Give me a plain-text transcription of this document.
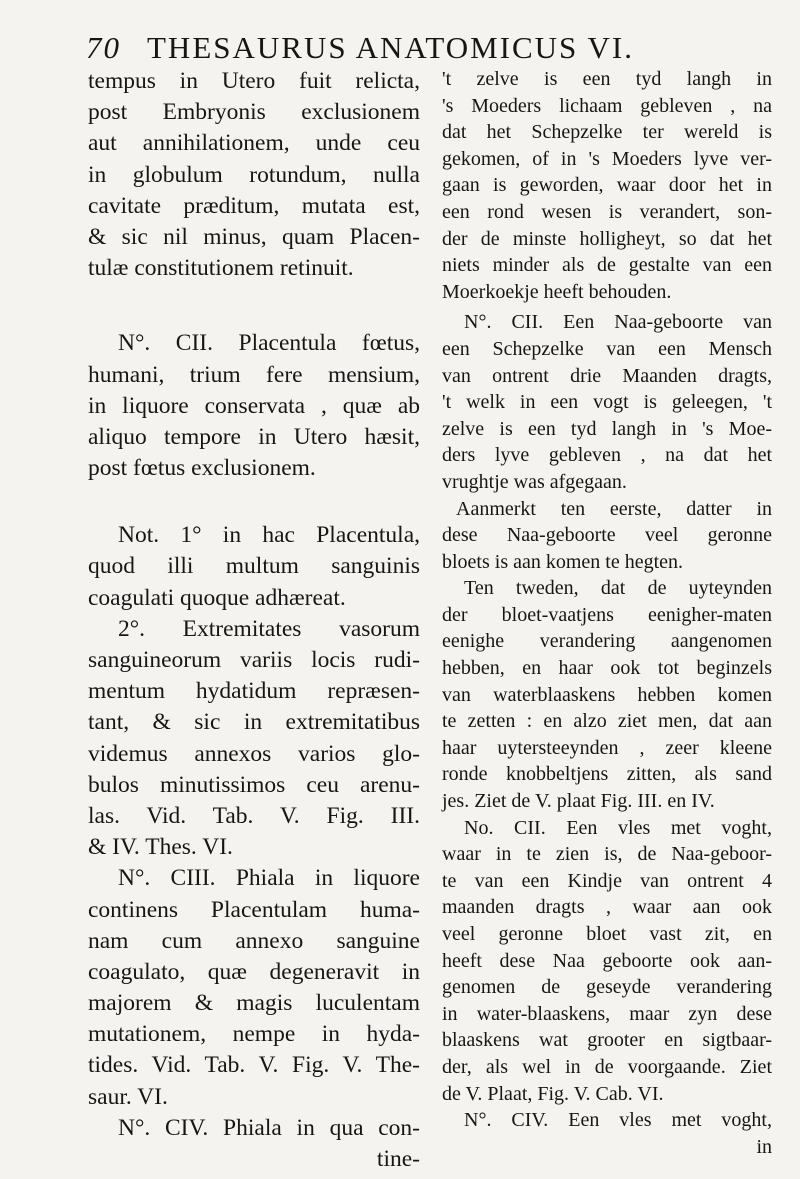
70 THESAURUS ANATOMICUS VI.
tempus in Utero fuit relicta,
post Embryonis exclusionem
aut annihilationem, unde ceu
in globulum rotundum, nulla
cavitate præditum, mutata est,
& sic nil minus, quam Placen-
tulæ constitutionem retinuit.
N°. CII. Placentula fœtus,
humani, trium fere mensium,
in liquore conservata , quæ ab
aliquo tempore in Utero hæsit,
post fœtus exclusionem.
Not. 1° in hac Placentula,
quod illi multum sanguinis
coagulati quoque adhæreat.
2°. Extremitates vasorum
sanguineorum variis locis rudi-
mentum hydatidum repræsen-
tant, & sic in extremitatibus
videmus annexos varios glo-
bulos minutissimos ceu arenu-
las. Vid. Tab. V. Fig. III.
& IV. Thes. VI.
N°. CIII. Phiala in liquore
continens Placentulam huma-
nam cum annexo sanguine
coagulato, quæ degeneravit in
majorem & magis luculentam
mutationem, nempe in hyda-
tides. Vid. Tab. V. Fig. V. The-
saur. VI.
N°. CIV. Phiala in qua con-
tine-
't zelve is een tyd langh in
's Moeders lichaam gebleven , na
dat het Schepzelke ter wereld is
gekomen, of in 's Moeders lyve ver-
gaan is geworden, waar door het in
een rond wesen is verandert, son-
der de minste holligheyt, so dat het
niets minder als de gestalte van een
Moerkoekje heeft behouden.
N°. CII. Een Naa-geboorte van
een Schepzelke van een Mensch
van ontrent drie Maanden dragts,
't welk in een vogt is geleegen, 't
zelve is een tyd langh in 's Moe-
ders lyve gebleven , na dat het
vrughtje was afgegaan.
Aanmerkt ten eerste, datter in
dese Naa-geboorte veel geronne
bloets is aan komen te hegten.
Ten tweden, dat de uyteynden
der bloet-vaatjens eenigher-maten
eenighe verandering aangenomen
hebben, en haar ook tot beginzels
van waterblaaskens hebben komen
te zetten : en alzo ziet men, dat aan
haar uytersteeynden , zeer kleene
ronde knobbeltjens zitten, als sand
jes. Ziet de V. plaat Fig. III. en IV.
No. CII. Een vles met voght,
waar in te zien is, de Naa-geboor-
te van een Kindje van ontrent 4
maanden dragts , waar aan ook
veel geronne bloet vast zit, en
heeft dese Naa geboorte ook aan-
genomen de geseyde verandering
in water-blaaskens, maar zyn dese
blaaskens wat grooter en sigtbaar-
der, als wel in de voorgaande. Ziet
de V. Plaat, Fig. V. Cab. VI.
N°. CIV. Een vles met voght,
in
